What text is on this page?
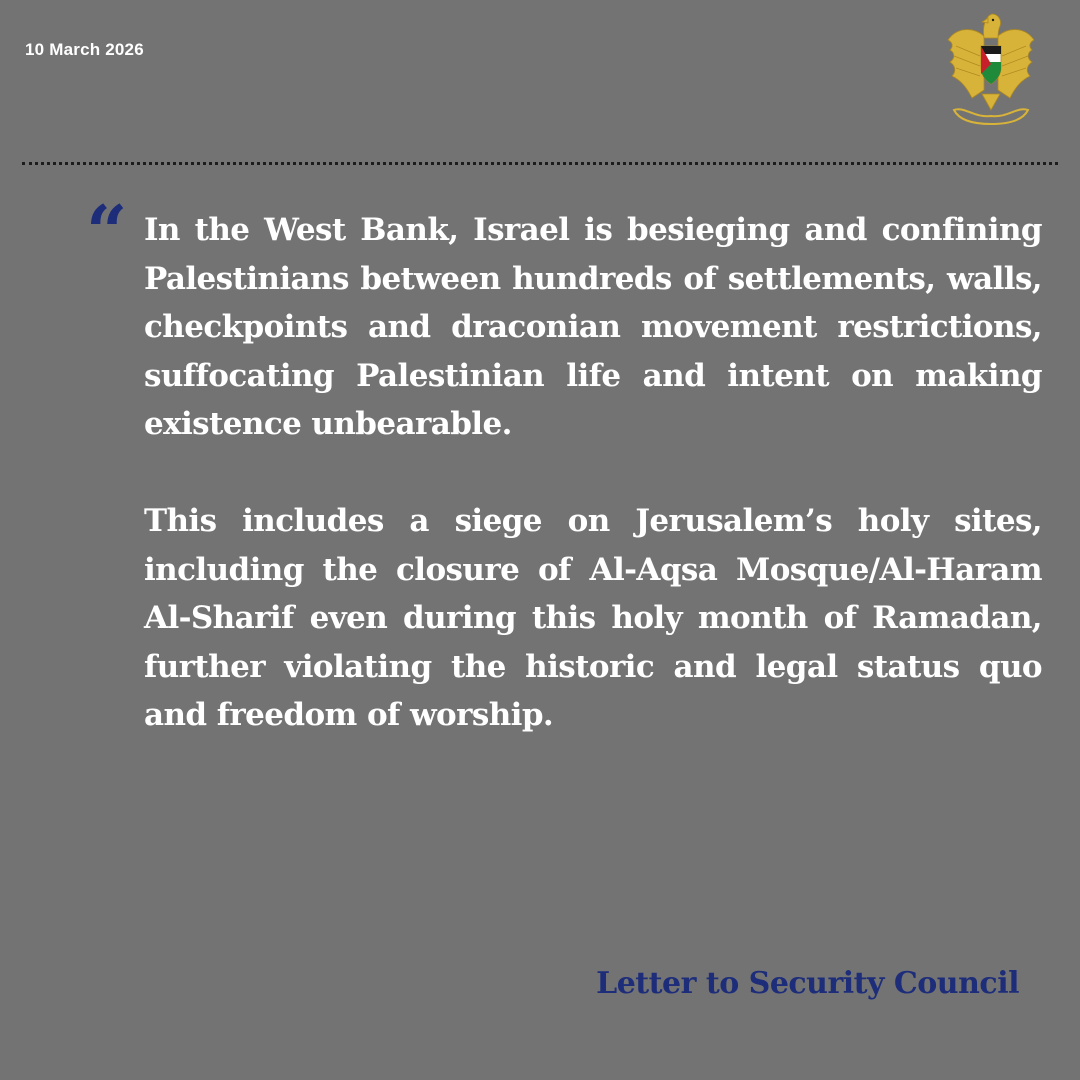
10 March 2026
“ In the West Bank, Israel is besieging and confining Palestinians between hundreds of settlements, walls, checkpoints and draconian movement restrictions, suffocating Palestinian life and intent on making existence unbearable.

This includes a siege on Jerusalem’s holy sites, including the closure of Al-Aqsa Mosque/Al-Haram Al-Sharif even during this holy month of Ramadan, further violating the historic and legal status quo and freedom of worship.

Letter to Security Council
